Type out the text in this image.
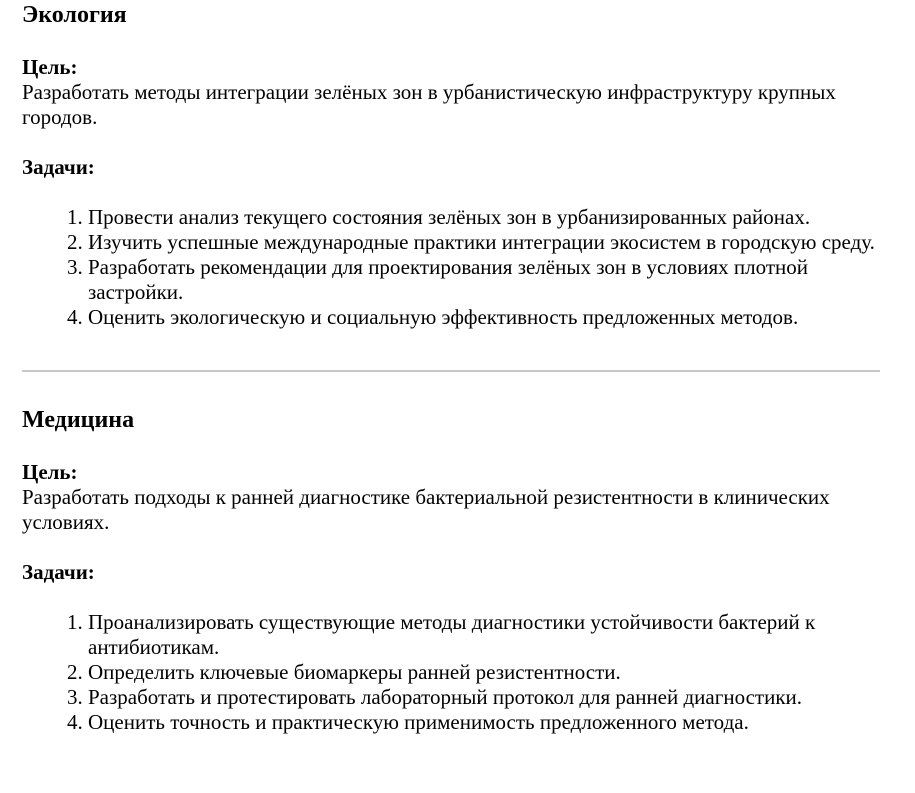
Экология

Цель:

Разработать методы интеграции зелёных зон в урбанистическую инфраструктуру крупных городов.

Задачи:

1. Провести анализ текущего состояния зелёных зон в урбанизированных районах.
2. Изучить успешные международные практики интеграции экосистем в городскую среду.
3. Разработать рекомендации для проектирования зелёных зон в условиях плотной застройки.
4. Оценить экологическую и социальную эффективность предложенных методов.
Медицина

Цель:

Разработать подходы к ранней диагностике бактериальной резистентности в клинических условиях.

Задачи:

1. Проанализировать существующие методы диагностики устойчивости бактерий к антибиотикам.
2. Определить ключевые биомаркеры ранней резистентности.
3. Разработать и протестировать лабораторный протокол для ранней диагностики.
4. Оценить точность и практическую применимость предложенного метода.
